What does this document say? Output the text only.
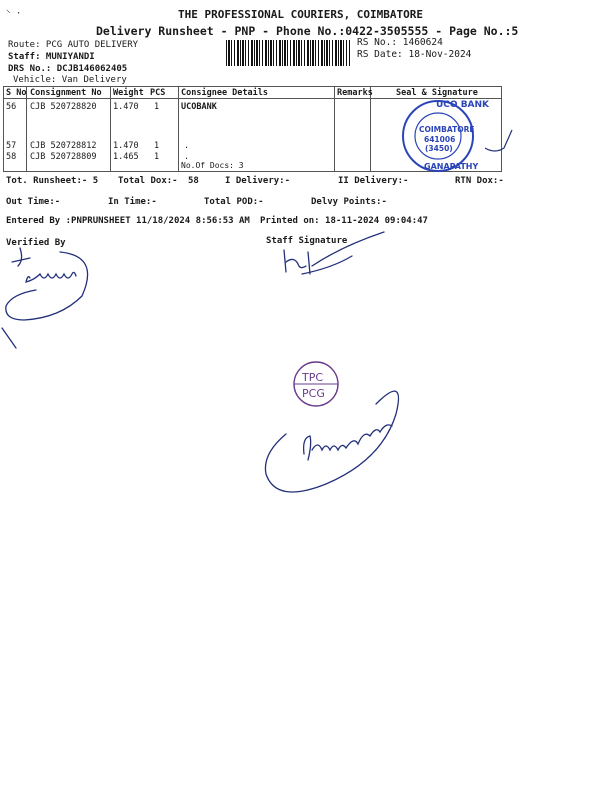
THE PROFESSIONAL COURIERS, COIMBATORE
Delivery Runsheet - PNP - Phone No.:0422-3505555 - Page No.:5
⸌ ·
Route: PCG AUTO DELIVERY
Staff: MUNIYANDI
DRS No.: DCJB146062405
Vehicle: Van Delivery
RS No.: 1460624
RS Date: 18-Nov-2024
S No Consignment No Weight PCS Consignee Details	Remarks	Seal & Signature
56 CJB 520728820 1.470 1	UCOBANK
57 CJB 520728812 1.470 1	.
58 CJB 520728809 1.465 1	.
No.Of Docs: 3
UCO BANK
COIMBATORE
641006
(3450)
GANAPATHY
Tot. Runsheet:- 5 Total Dox:- 58	I Delivery:-	II Delivery:-	RTN Dox:-
Out Time:-	In Time:-	Total POD:-	Delvy Points:-
Entered By :PNPRUNSHEET 11/18/2024 8:56:53 AM Printed on: 18-11-2024 09:04:47
Verified By	Staff Signature
TPC
PCG
